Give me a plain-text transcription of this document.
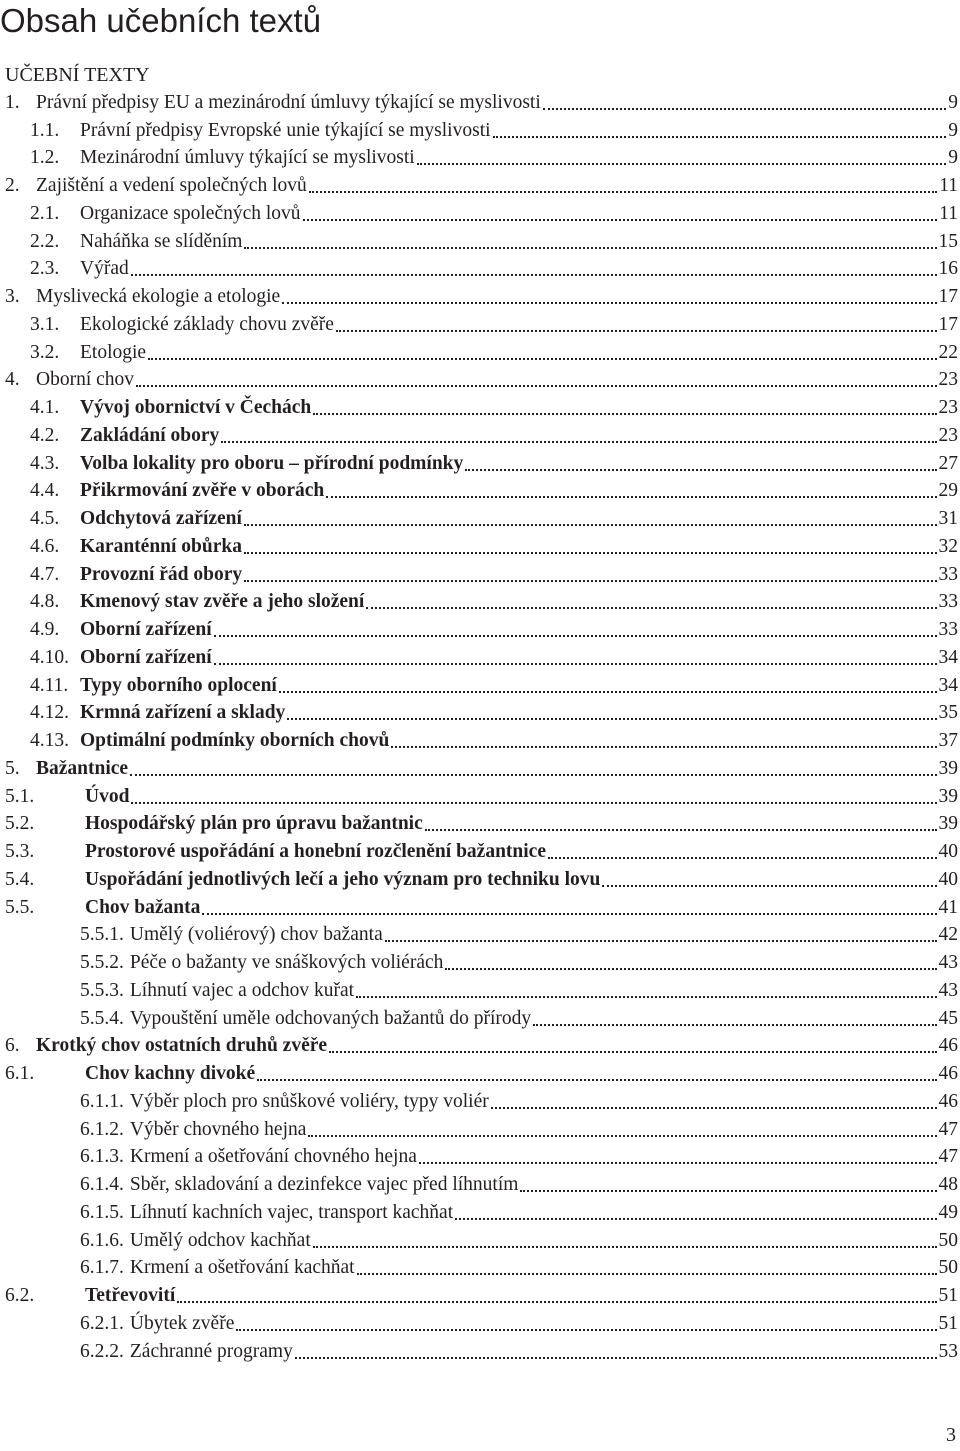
Obsah učebních textů
UČEBNÍ TEXTY
1. Právní předpisy EU a mezinárodní úmluvy týkající se myslivosti	9
1.1.	Právní předpisy Evropské unie týkající se myslivosti	9
1.2.	Mezinárodní úmluvy týkající se myslivosti	9
2. Zajištění a vedení společných lovů	11
2.1.	Organizace společných lovů	11
2.2.	Naháňka se slíděním	15
2.3.	Výřad	16
3. Myslivecká ekologie a etologie	17
3.1.	Ekologické základy chovu zvěře	17
3.2.	Etologie	22
4. Oborní chov	23
4.1.	Vývoj obornictví v Čechách	23
4.2.	Zakládání obory	23
4.3.	Volba lokality pro oboru – přírodní podmínky	27
4.4.	Přikrmování zvěře v oborách	29
4.5.	Odchytová zařízení	31
4.6.	Karanténní obůrka	32
4.7.	Provozní řád obory	33
4.8.	Kmenový stav zvěře a jeho složení	33
4.9.	Oborní zařízení	33
4.10. Oborní zařízení	34
4.11. Typy oborního oplocení	34
4.12. Krmná zařízení a sklady	35
4.13. Optimální podmínky oborních chovů	37
5. Bažantnice	39
5.1.	Úvod	39
5.2.	Hospodářský plán pro úpravu bažantnic	39
5.3.	Prostorové uspořádání a honební rozčlenění bažantnice	40
5.4.	Uspořádání jednotlivých lečí a jeho význam pro techniku lovu	40
5.5.	Chov bažanta	41
5.5.1. Umělý (voliérový) chov bažanta	42
5.5.2. Péče o bažanty ve snáškových voliérách	43
5.5.3. Líhnutí vajec a odchov kuřat	43
5.5.4. Vypouštění uměle odchovaných bažantů do přírody	45
6. Krotký chov ostatních druhů zvěře	46
6.1.	Chov kachny divoké	46
6.1.1. Výběr ploch pro snůškové voliéry, typy voliér	46
6.1.2. Výběr chovného hejna	47
6.1.3. Krmení a ošetřování chovného hejna	47
6.1.4. Sběr, skladování a dezinfekce vajec před líhnutím	48
6.1.5. Líhnutí kachních vajec, transport kachňat	49
6.1.6. Umělý odchov kachňat	50
6.1.7. Krmení a ošetřování kachňat	50
6.2.	Tetřevovití	51
6.2.1. Úbytek zvěře	51
6.2.2. Záchranné programy	53
3
